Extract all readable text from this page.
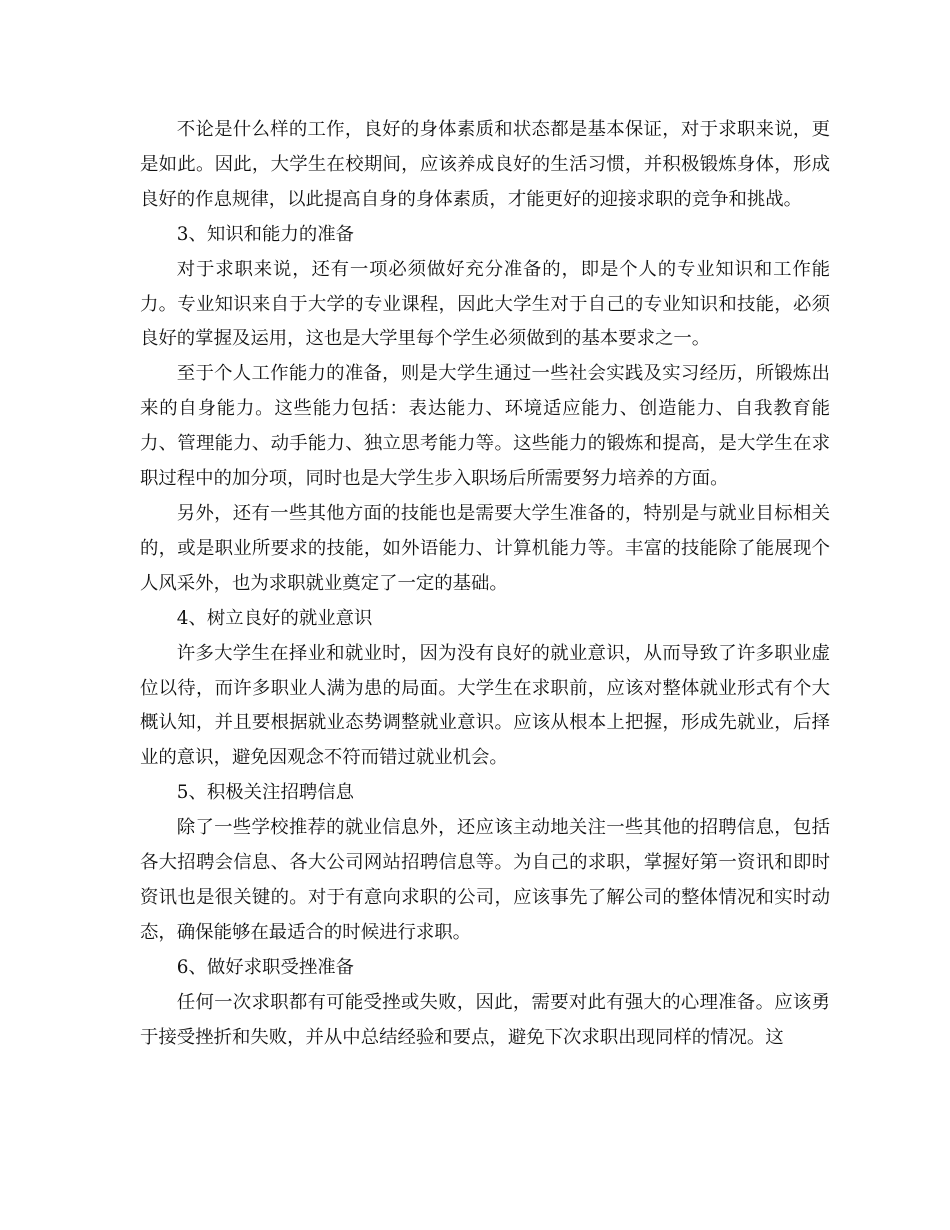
不论是什么样的工作，良好的身体素质和状态都是基本保证，对于求职来说，更是如此。因此，大学生在校期间，应该养成良好的生活习惯，并积极锻炼身体，形成良好的作息规律，以此提高自身的身体素质，才能更好的迎接求职的竞争和挑战。

3、知识和能力的准备

对于求职来说，还有一项必须做好充分准备的，即是个人的专业知识和工作能力。专业知识来自于大学的专业课程，因此大学生对于自己的专业知识和技能，必须良好的掌握及运用，这也是大学里每个学生必须做到的基本要求之一。

至于个人工作能力的准备，则是大学生通过一些社会实践及实习经历，所锻炼出来的自身能力。这些能力包括：表达能力、环境适应能力、创造能力、自我教育能力、管理能力、动手能力、独立思考能力等。这些能力的锻炼和提高，是大学生在求职过程中的加分项，同时也是大学生步入职场后所需要努力培养的方面。

另外，还有一些其他方面的技能也是需要大学生准备的，特别是与就业目标相关的，或是职业所要求的技能，如外语能力、计算机能力等。丰富的技能除了能展现个人风采外，也为求职就业奠定了一定的基础。

4、树立良好的就业意识

许多大学生在择业和就业时，因为没有良好的就业意识，从而导致了许多职业虚位以待，而许多职业人满为患的局面。大学生在求职前，应该对整体就业形式有个大概认知，并且要根据就业态势调整就业意识。应该从根本上把握，形成先就业，后择业的意识，避免因观念不符而错过就业机会。

5、积极关注招聘信息

除了一些学校推荐的就业信息外，还应该主动地关注一些其他的招聘信息，包括各大招聘会信息、各大公司网站招聘信息等。为自己的求职，掌握好第一资讯和即时资讯也是很关键的。对于有意向求职的公司，应该事先了解公司的整体情况和实时动态，确保能够在最适合的时候进行求职。

6、做好求职受挫准备

任何一次求职都有可能受挫或失败，因此，需要对此有强大的心理准备。应该勇于接受挫折和失败，并从中总结经验和要点，避免下次求职出现同样的情况。这
